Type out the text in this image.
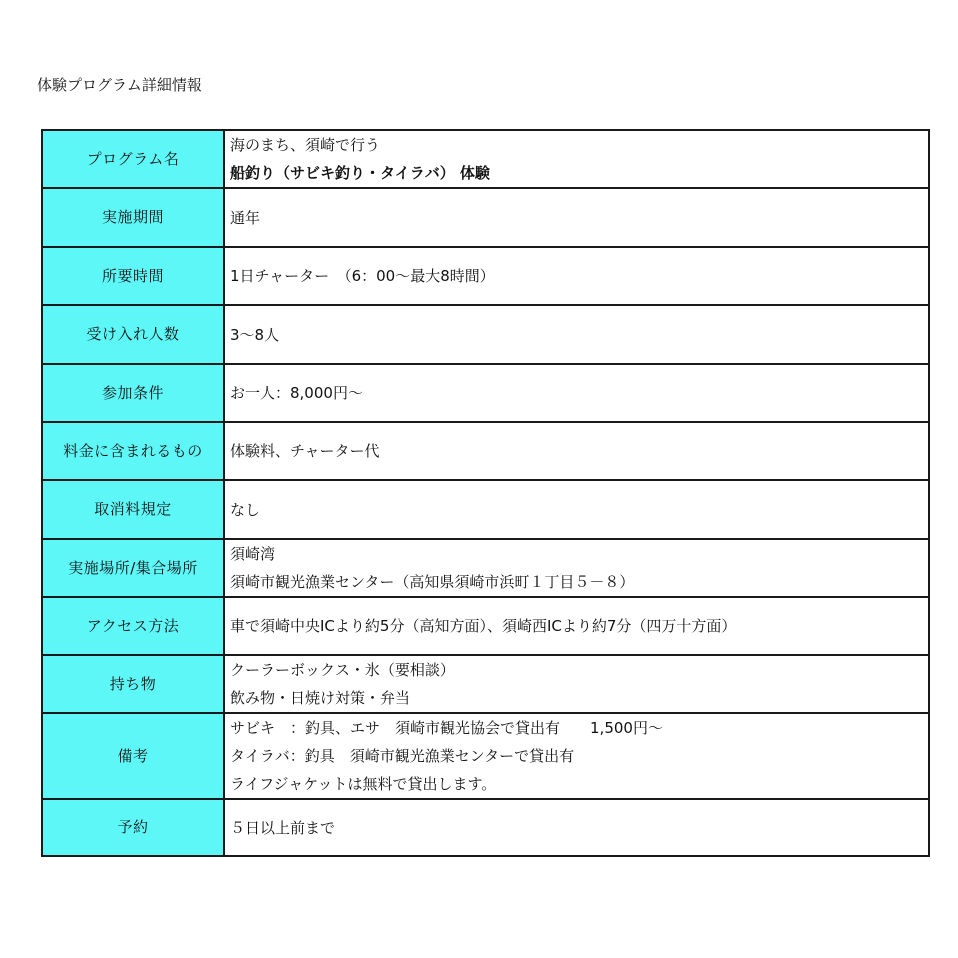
体験プログラム詳細情報
プログラム名	海のまち、須崎で行う
船釣り（サビキ釣り・タイラバ） 体験

実施期間	通年

所要時間	1日チャーター　（6：00〜最大8時間）

受け入れ人数	3〜8人

参加条件	お一人：8,000円〜

料金に含まれるもの	体験料、チャーター代

取消料規定	なし

実施場所/集合場所	須崎湾
須崎市観光漁業センター（高知県須崎市浜町１丁目５－８）

アクセス方法	車で須崎中央ICより約5分（高知方面）、須崎西ICより約7分（四万十方面）

持ち物	クーラーボックス・氷（要相談）
飲み物・日焼け対策・弁当

備考	サビキ　：釣具、エサ　須崎市観光協会で貸出有　　1,500円〜
タイラバ：釣具　須崎市観光漁業センターで貸出有
ライフジャケットは無料で貸出します。

予約	５日以上前まで
